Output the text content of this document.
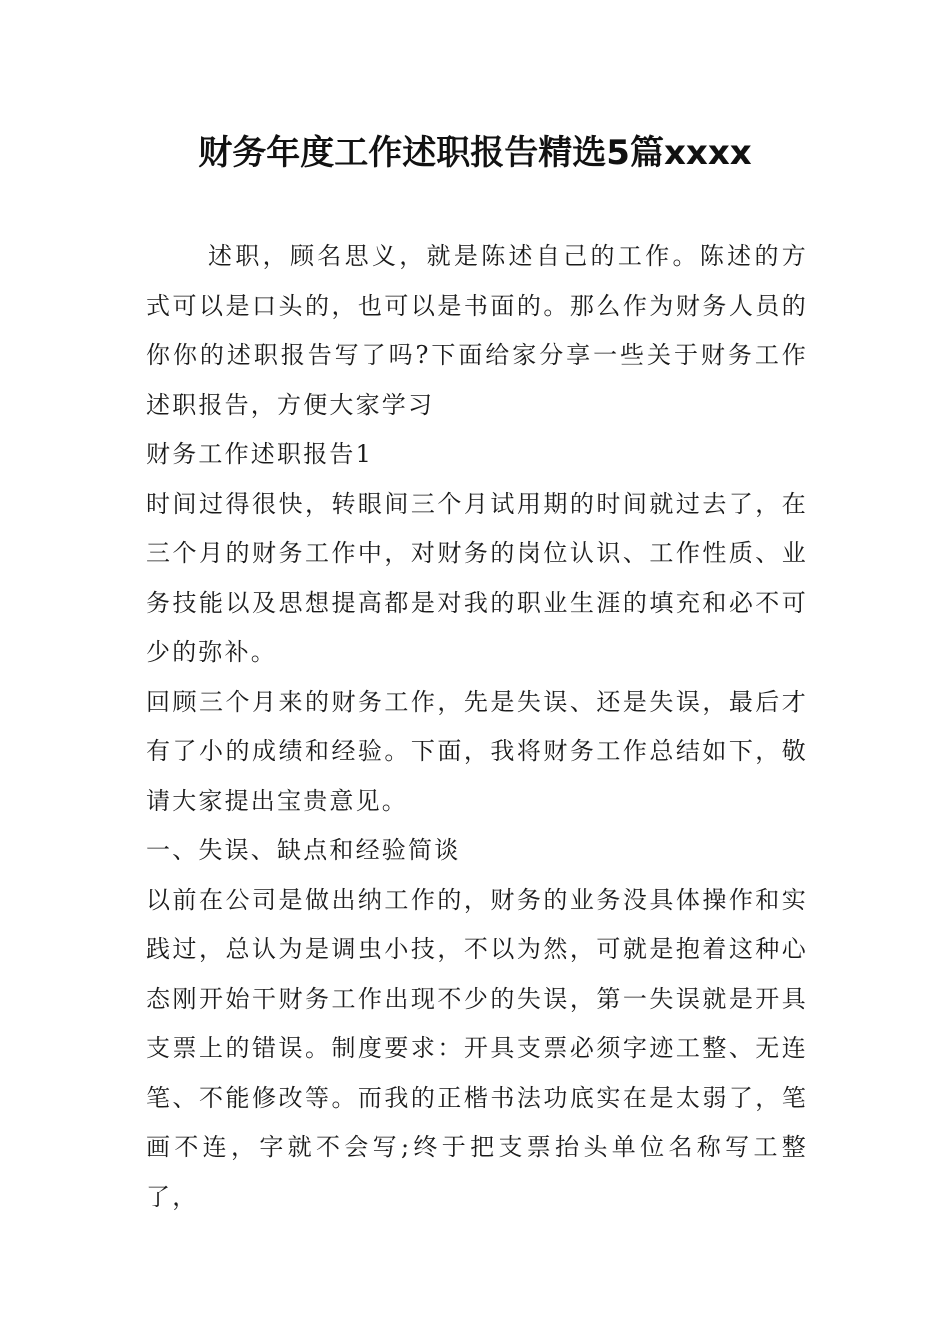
财务年度工作述职报告精选5篇xxxx

述职，顾名思义，就是陈述自己的工作。陈述的方式可以是口头的，也可以是书面的。那么作为财务人员的你你的述职报告写了吗?下面给家分享一些关于财务工作述职报告，方便大家学习

财务工作述职报告1

时间过得很快，转眼间三个月试用期的时间就过去了，在三个月的财务工作中，对财务的岗位认识、工作性质、业务技能以及思想提高都是对我的职业生涯的填充和必不可少的弥补。

回顾三个月来的财务工作，先是失误、还是失误，最后才有了小的成绩和经验。下面，我将财务工作总结如下，敬请大家提出宝贵意见。

一、失误、缺点和经验简谈

以前在公司是做出纳工作的，财务的业务没具体操作和实践过，总认为是调虫小技，不以为然，可就是抱着这种心态刚开始干财务工作出现不少的失误，第一失误就是开具支票上的错误。制度要求：开具支票必须字迹工整、无连笔、不能修改等。而我的正楷书法功底实在是太弱了，笔画不连，字就不会写;终于把支票抬头单位名称写工整了，
